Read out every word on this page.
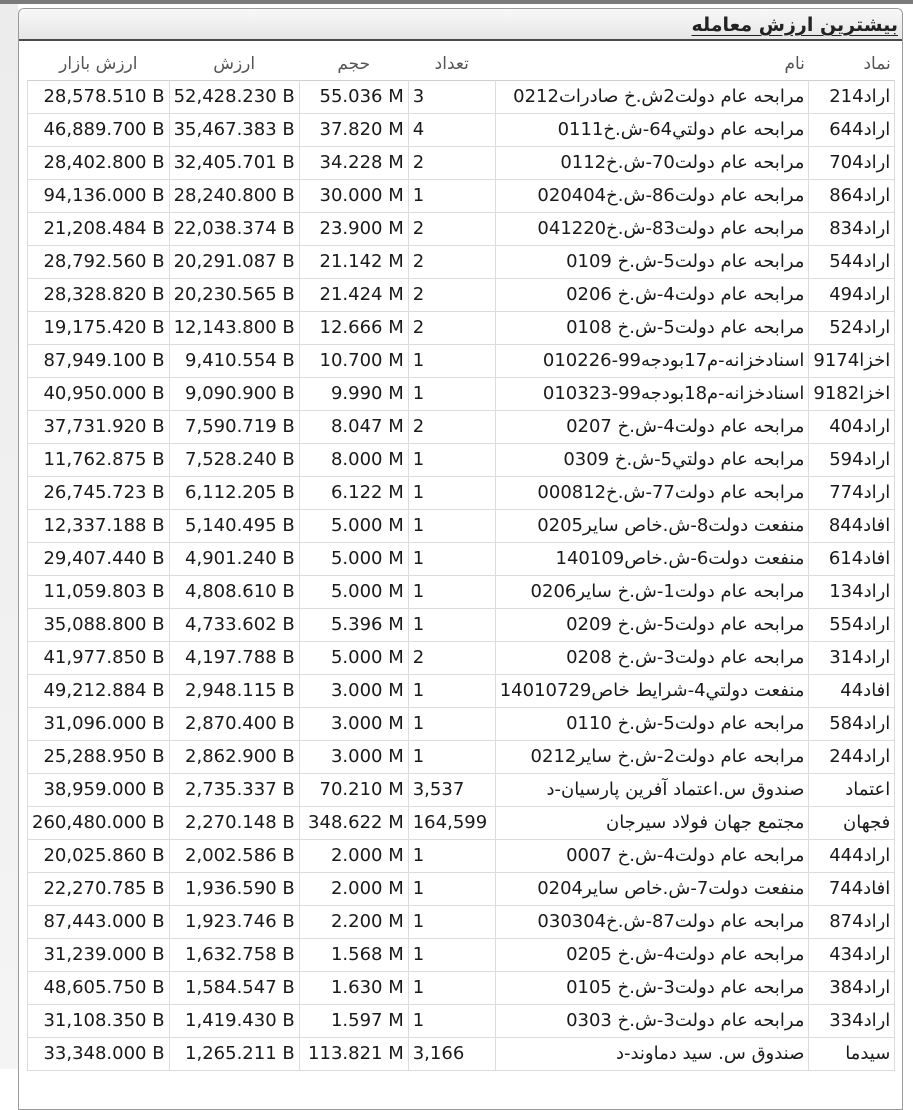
بیشترین ارزش معامله
نماد	نام	تعداد	حجم	ارزش	ارزش بازار
اراد214	مرابحه عام دولت2ش.خ صادرات0212	3	55.036 M	52,428.230 B	28,578.510 B
اراد644	مرابحه عام دولتي64-ش.خ0111	4	37.820 M	35,467.383 B	46,889.700 B
اراد704	مرابحه عام دولت70-ش.خ0112	2	34.228 M	32,405.701 B	28,402.800 B
اراد864	مرابحه عام دولت86-ش.خ020404	1	30.000 M	28,240.800 B	94,136.000 B
اراد834	مرابحه عام دولت83-ش.خ041220	2	23.900 M	22,038.374 B	21,208.484 B
اراد544	مرابحه عام دولت5-ش.خ 0109	2	21.142 M	20,291.087 B	28,792.560 B
اراد494	مرابحه عام دولت4-ش.خ 0206	2	21.424 M	20,230.565 B	28,328.820 B
اراد524	مرابحه عام دولت5-ش.خ 0108	2	12.666 M	12,143.800 B	19,175.420 B
اخزا9174	اسنادخزانه-م17بودجه99-010226	1	10.700 M	9,410.554 B	87,949.100 B
اخزا9182	اسنادخزانه-م18بودجه99-010323	1	9.990 M	9,090.900 B	40,950.000 B
اراد404	مرابحه عام دولت4-ش.خ 0207	2	8.047 M	7,590.719 B	37,731.920 B
اراد594	مرابحه عام دولتي5-ش.خ 0309	1	8.000 M	7,528.240 B	11,762.875 B
اراد774	مرابحه عام دولت77-ش.خ000812	1	6.122 M	6,112.205 B	26,745.723 B
افاد844	منفعت دولت8-ش.خاص سایر0205	1	5.000 M	5,140.495 B	12,337.188 B
افاد614	منفعت دولت6-ش.خاص140109	1	5.000 M	4,901.240 B	29,407.440 B
اراد134	مرابحه عام دولت1-ش.خ سایر0206	1	5.000 M	4,808.610 B	11,059.803 B
اراد554	مرابحه عام دولت5-ش.خ 0209	1	5.396 M	4,733.602 B	35,088.800 B
اراد314	مرابحه عام دولت3-ش.خ 0208	2	5.000 M	4,197.788 B	41,977.850 B
افاد44	منفعت دولتي4-شرايط خاص14010729	1	3.000 M	2,948.115 B	49,212.884 B
اراد584	مرابحه عام دولت5-ش.خ 0110	1	3.000 M	2,870.400 B	31,096.000 B
اراد244	مرابحه عام دولت2-ش.خ سایر0212	1	3.000 M	2,862.900 B	25,288.950 B
اعتماد	صندوق س.اعتماد آفرين پارسيان-د	3,537	70.210 M	2,735.337 B	38,959.000 B
فجهان	مجتمع جهان فولاد سيرجان	164,599	348.622 M	2,270.148 B	260,480.000 B
اراد444	مرابحه عام دولت4-ش.خ 0007	1	2.000 M	2,002.586 B	20,025.860 B
افاد744	منفعت دولت7-ش.خاص سایر0204	1	2.000 M	1,936.590 B	22,270.785 B
اراد874	مرابحه عام دولت87-ش.خ030304	1	2.200 M	1,923.746 B	87,443.000 B
اراد434	مرابحه عام دولت4-ش.خ 0205	1	1.568 M	1,632.758 B	31,239.000 B
اراد384	مرابحه عام دولت3-ش.خ 0105	1	1.630 M	1,584.547 B	48,605.750 B
اراد334	مرابحه عام دولت3-ش.خ 0303	1	1.597 M	1,419.430 B	31,108.350 B
سيدما	صندوق س. سيد دماوند-د	3,166	113.821 M	1,265.211 B	33,348.000 B
